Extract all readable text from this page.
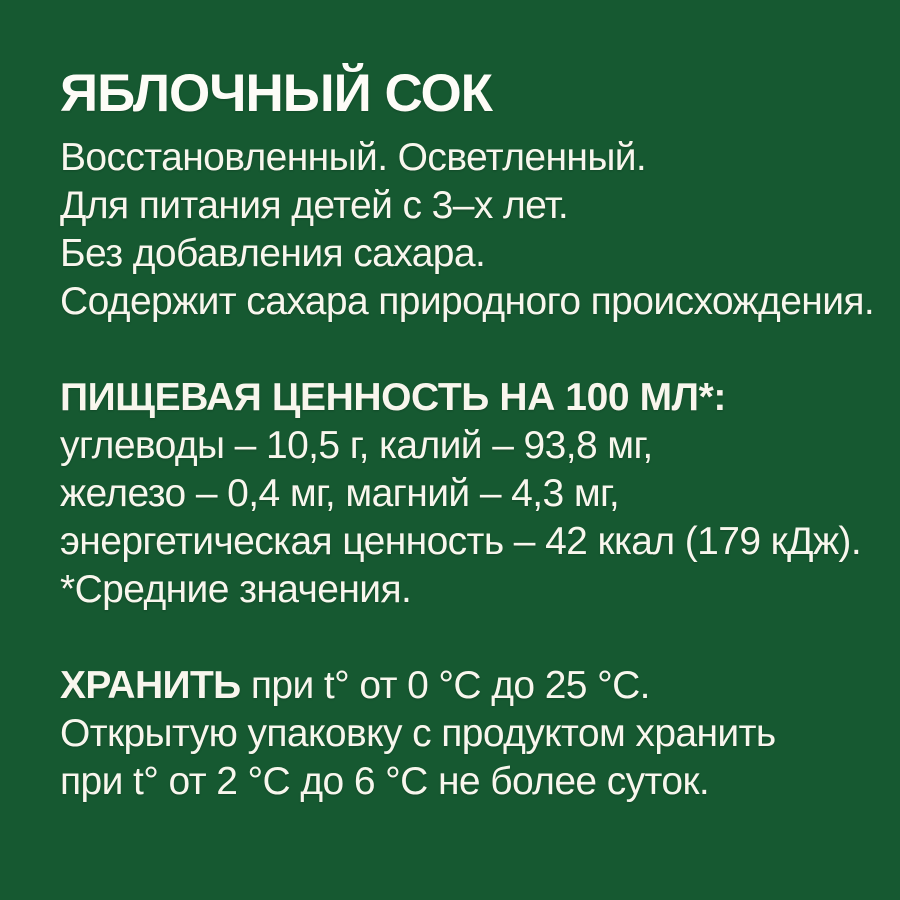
ЯБЛОЧНЫЙ СОК

Восстановленный. Осветленный.

Для питания детей с 3–х лет.

Без добавления сахара.

Содержит сахара природного происхождения.

ПИЩЕВАЯ ЦЕННОСТЬ НА 100 МЛ*:

углеводы – 10,5 г, калий – 93,8 мг,

железо – 0,4 мг, магний – 4,3 мг,

энергетическая ценность – 42 ккал (179 кДж).

*Средние значения.

ХРАНИТЬ при t° от 0 °С до 25 °С.

Открытую упаковку с продуктом хранить

при t° от 2 °С до 6 °С не более суток.
